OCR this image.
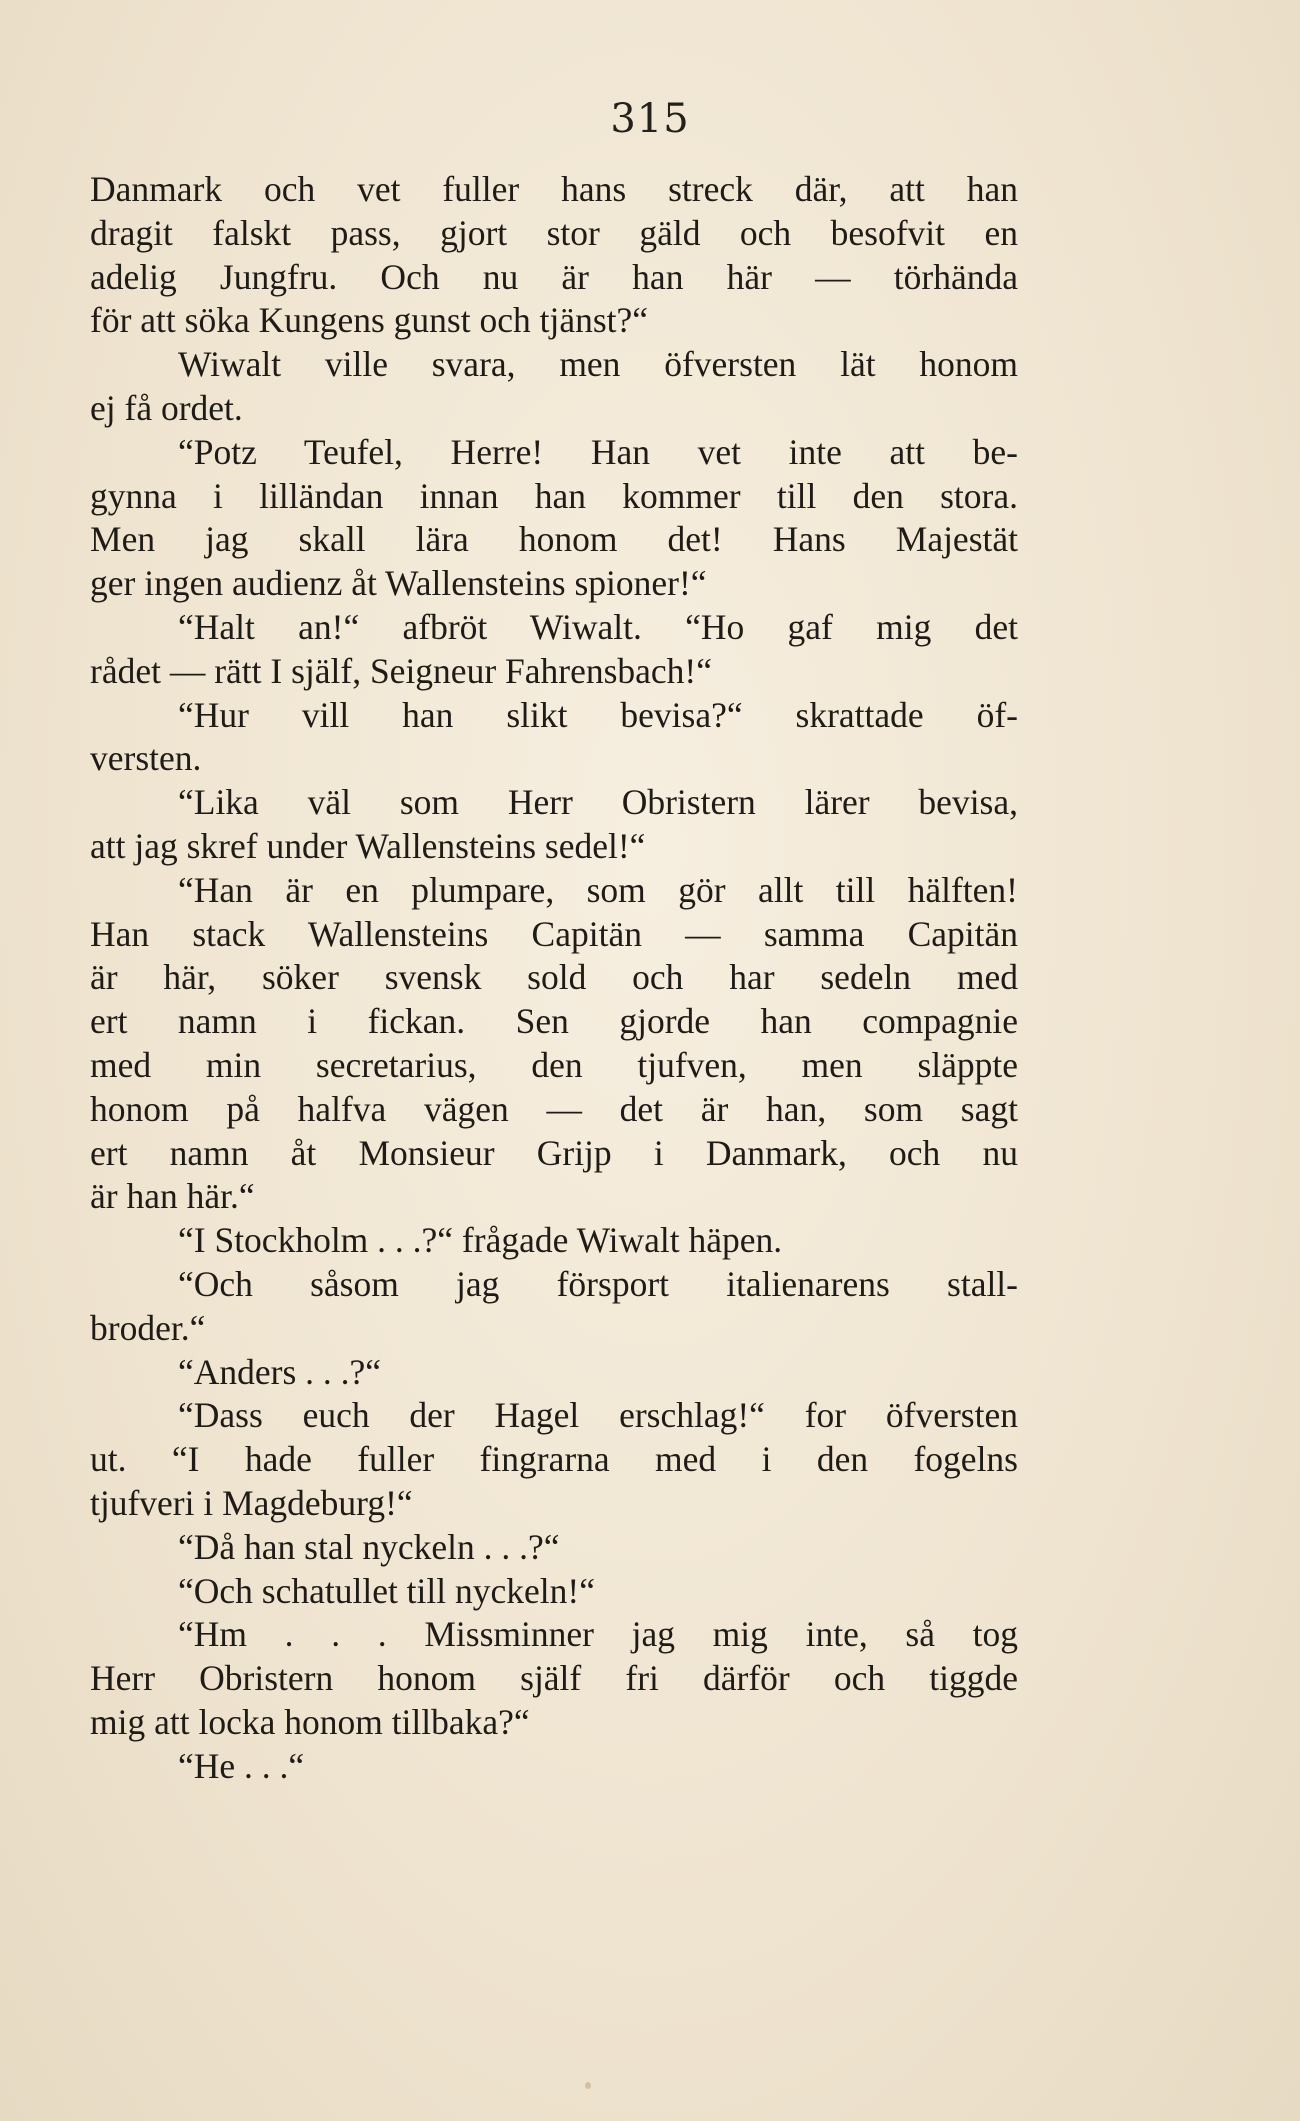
315
Danmark och vet fuller hans streck där, att han
dragit falskt pass, gjort stor gäld och besofvit en
adelig Jungfru. Och nu är han här — törhända
för att söka Kungens gunst och tjänst?“
Wiwalt ville svara, men öfversten lät honom
ej få ordet.
“Potz Teufel, Herre! Han vet inte att be-
gynna i lilländan innan han kommer till den stora.
Men jag skall lära honom det! Hans Majestät
ger ingen audienz åt Wallensteins spioner!“
“Halt an!“ afbröt Wiwalt. “Ho gaf mig det
rådet — rätt I själf, Seigneur Fahrensbach!“
“Hur vill han slikt bevisa?“ skrattade öf-
versten.
“Lika väl som Herr Obristern lärer bevisa,
att jag skref under Wallensteins sedel!“
“Han är en plumpare, som gör allt till hälften!
Han stack Wallensteins Capitän — samma Capitän
är här, söker svensk sold och har sedeln med
ert namn i fickan. Sen gjorde han compagnie
med min secretarius, den tjufven, men släppte
honom på halfva vägen — det är han, som sagt
ert namn åt Monsieur Grijp i Danmark, och nu
är han här.“
“I Stockholm . . .?“ frågade Wiwalt häpen.
“Och såsom jag försport italienarens stall-
broder.“
“Anders . . .?“
“Dass euch der Hagel erschlag!“ for öfversten
ut. “I hade fuller fingrarna med i den fogelns
tjufveri i Magdeburg!“
“Då han stal nyckeln . . .?“
“Och schatullet till nyckeln!“
“Hm . . . Missminner jag mig inte, så tog
Herr Obristern honom själf fri därför och tiggde
mig att locka honom tillbaka?“
“He . . .“
